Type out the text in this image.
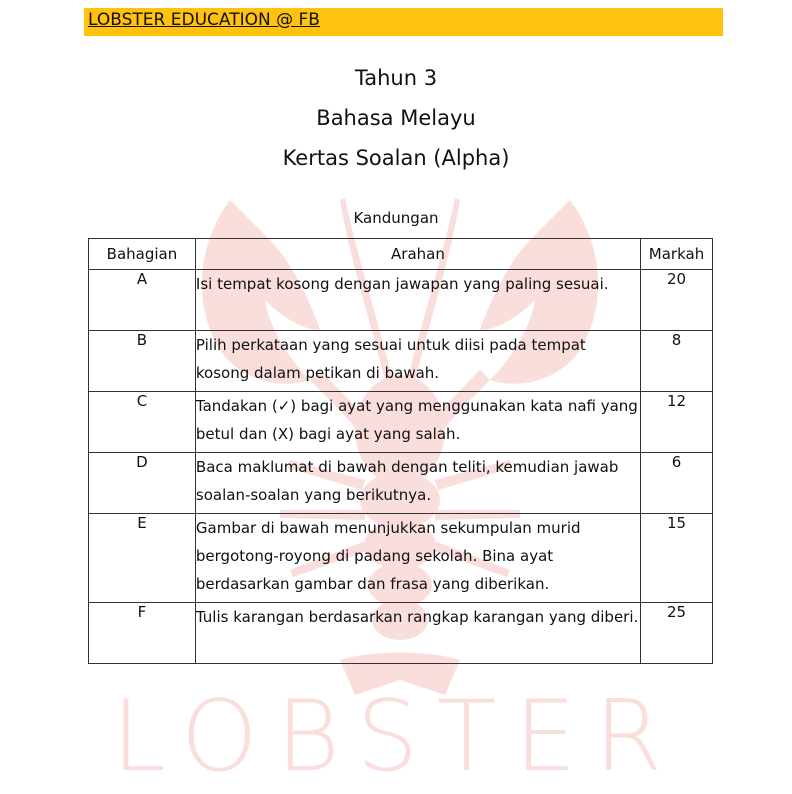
LOBSTER
LOBSTER EDUCATION @ FB
Tahun 3
Bahasa Melayu
Kertas Soalan (Alpha)
Kandungan
Bahagian	Arahan	Markah
A	Isi tempat kosong dengan jawapan yang paling sesuai.	20
B	Pilih perkataan yang sesuai untuk diisi pada tempat kosong dalam petikan di bawah.	8
C	Tandakan (✓) bagi ayat yang menggunakan kata nafi yang betul dan (X) bagi ayat yang salah.	12
D	Baca maklumat di bawah dengan teliti, kemudian jawab soalan-soalan yang berikutnya.	6
E	Gambar di bawah menunjukkan sekumpulan murid bergotong-royong di padang sekolah. Bina ayat berdasarkan gambar dan frasa yang diberikan.	15
F	Tulis karangan berdasarkan rangkap karangan yang diberi.	25
